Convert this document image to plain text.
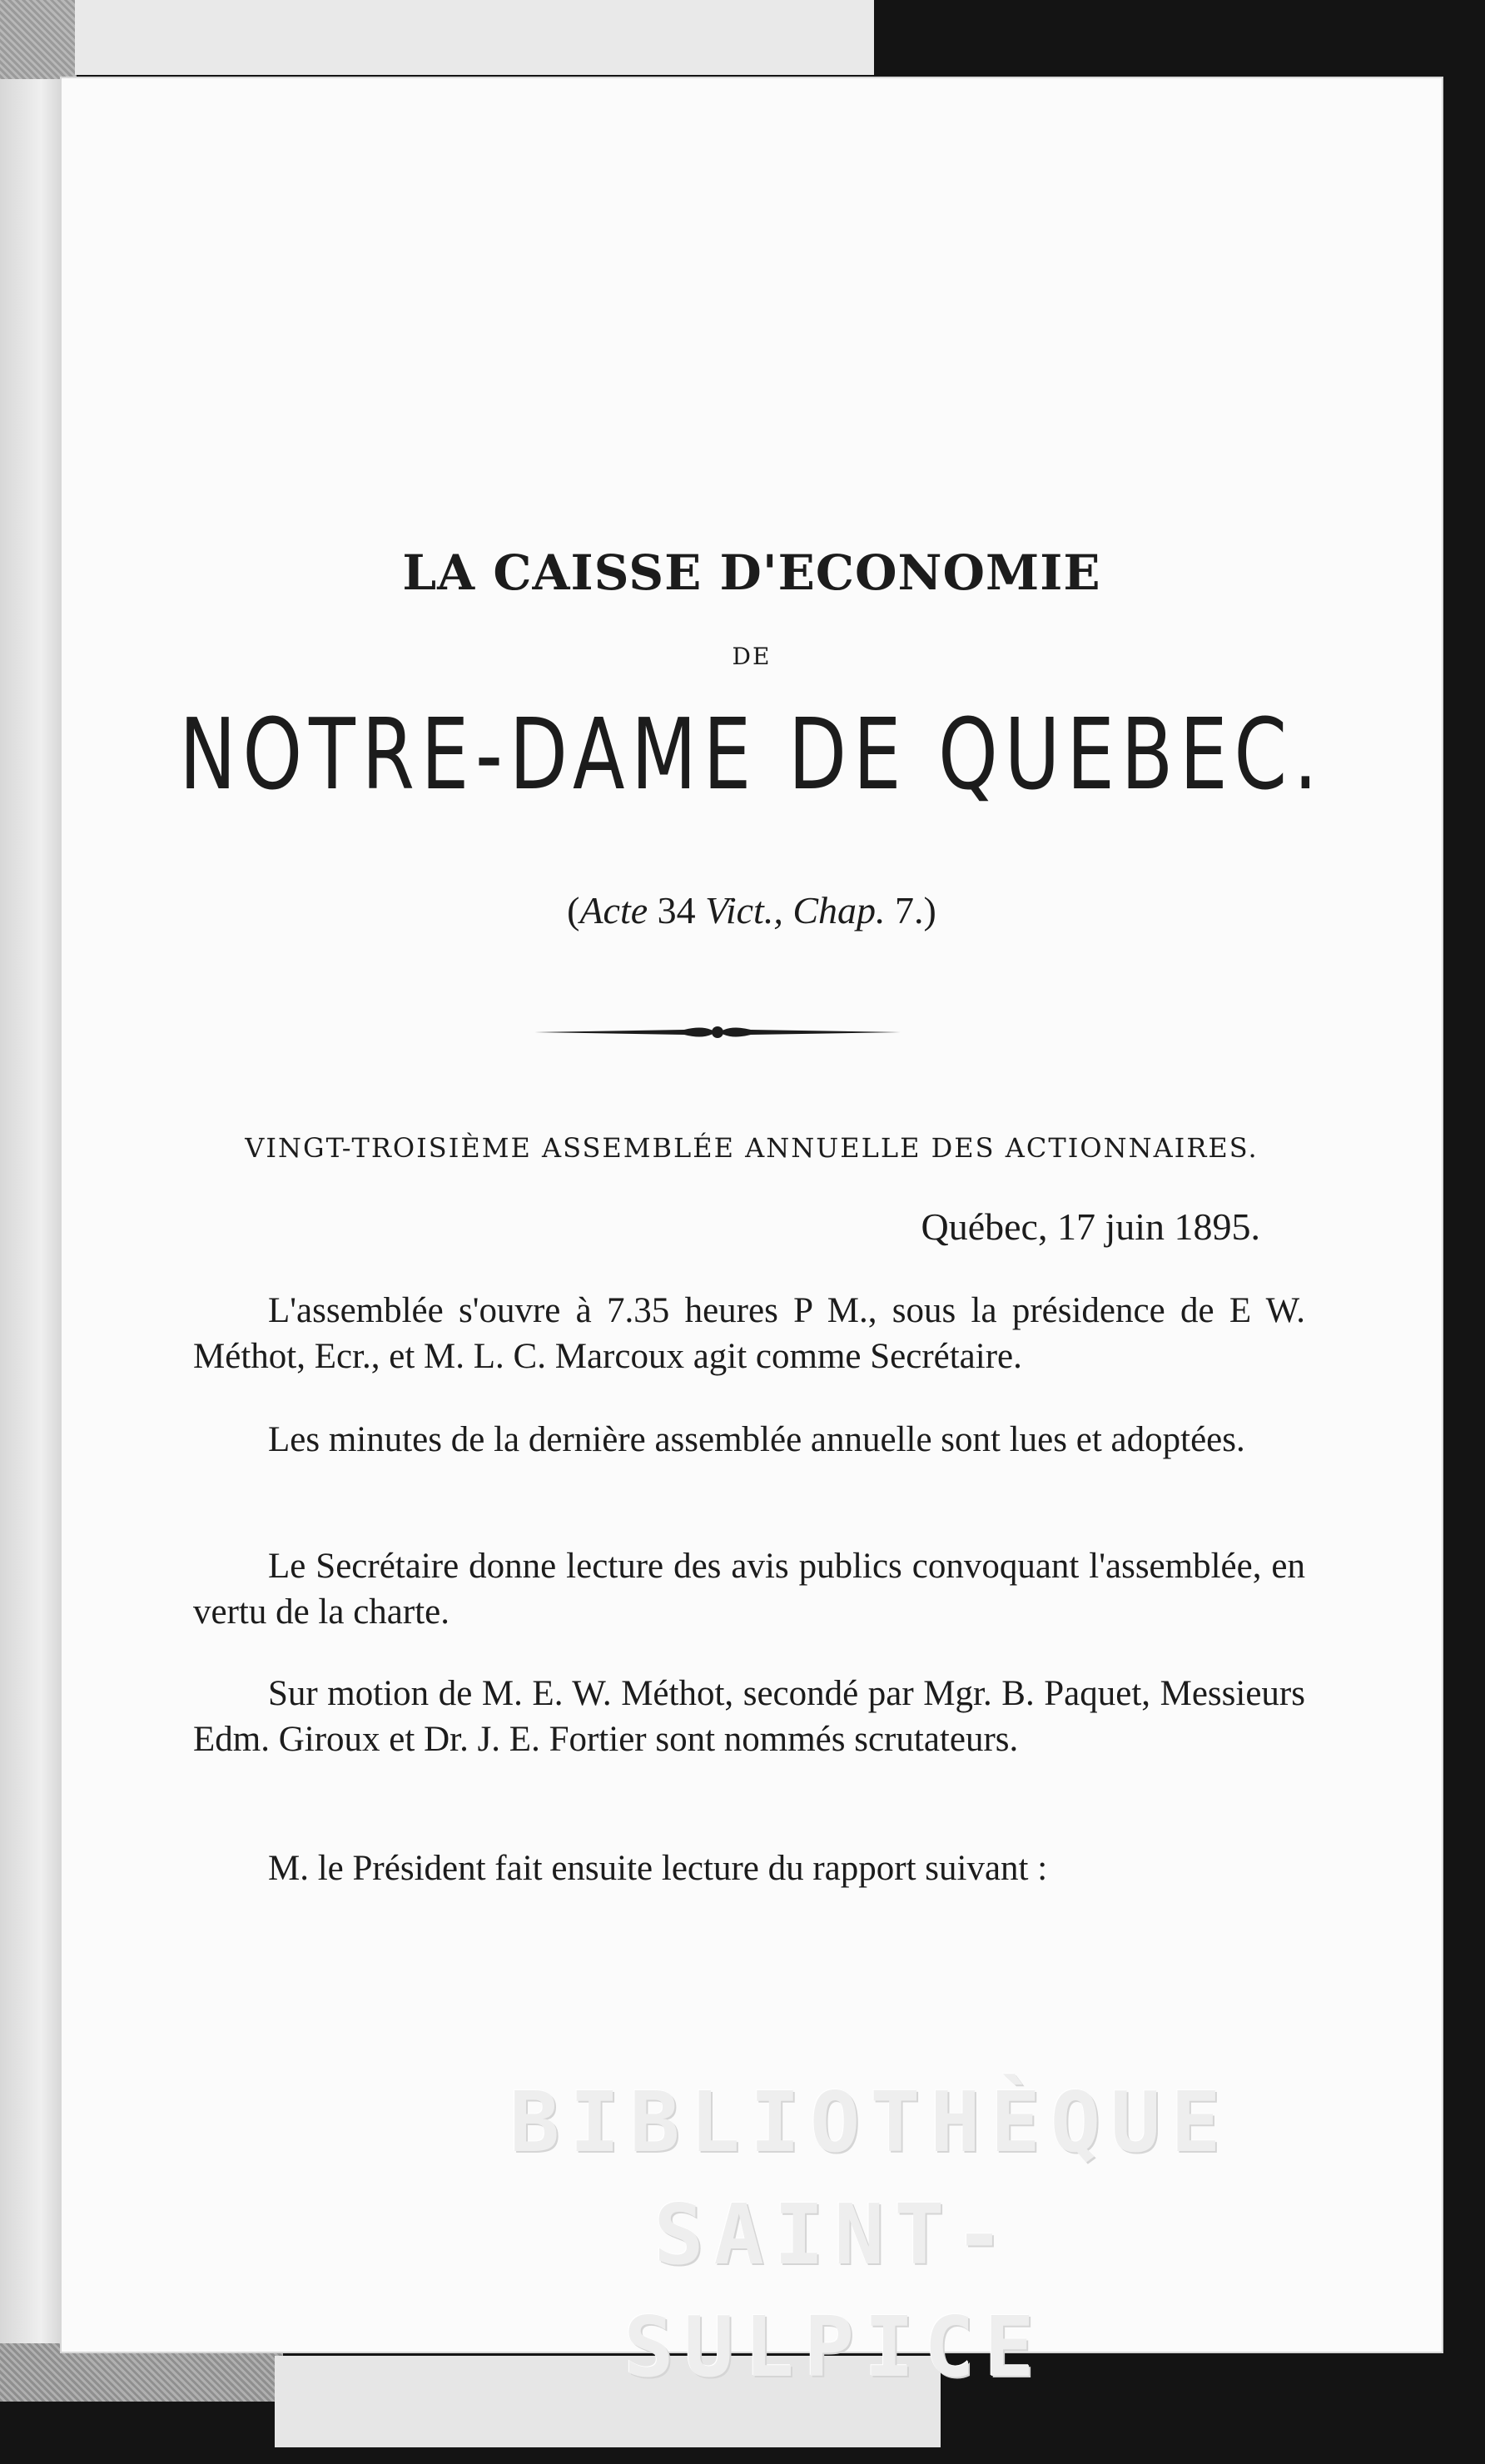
LA CAISSE D'ECONOMIE
DE
NOTRE-DAME DE QUEBEC.
(Acte 34 Vict., Chap. 7.)
VINGT-TROISIÈME ASSEMBLÉE ANNUELLE DES ACTIONNAIRES.
Québec, 17 juin 1895.

L'assemblée s'ouvre à 7.35 heures P M., sous la présidence de E W. Méthot, Ecr., et M. L. C. Marcoux agit comme Secrétaire.

Les minutes de la dernière assemblée annuelle sont lues et adoptées.

Le Secrétaire donne lecture des avis publics convoquant l'assemblée, en vertu de la charte.

Sur motion de M. E. W. Méthot, secondé par Mgr. B. Paquet, Messieurs Edm. Giroux et Dr. J. E. Fortier sont nommés scrutateurs.

M. le Président fait ensuite lecture du rapport suivant :

BIBLIOTHÈQUE
SAINT-SULPICE
